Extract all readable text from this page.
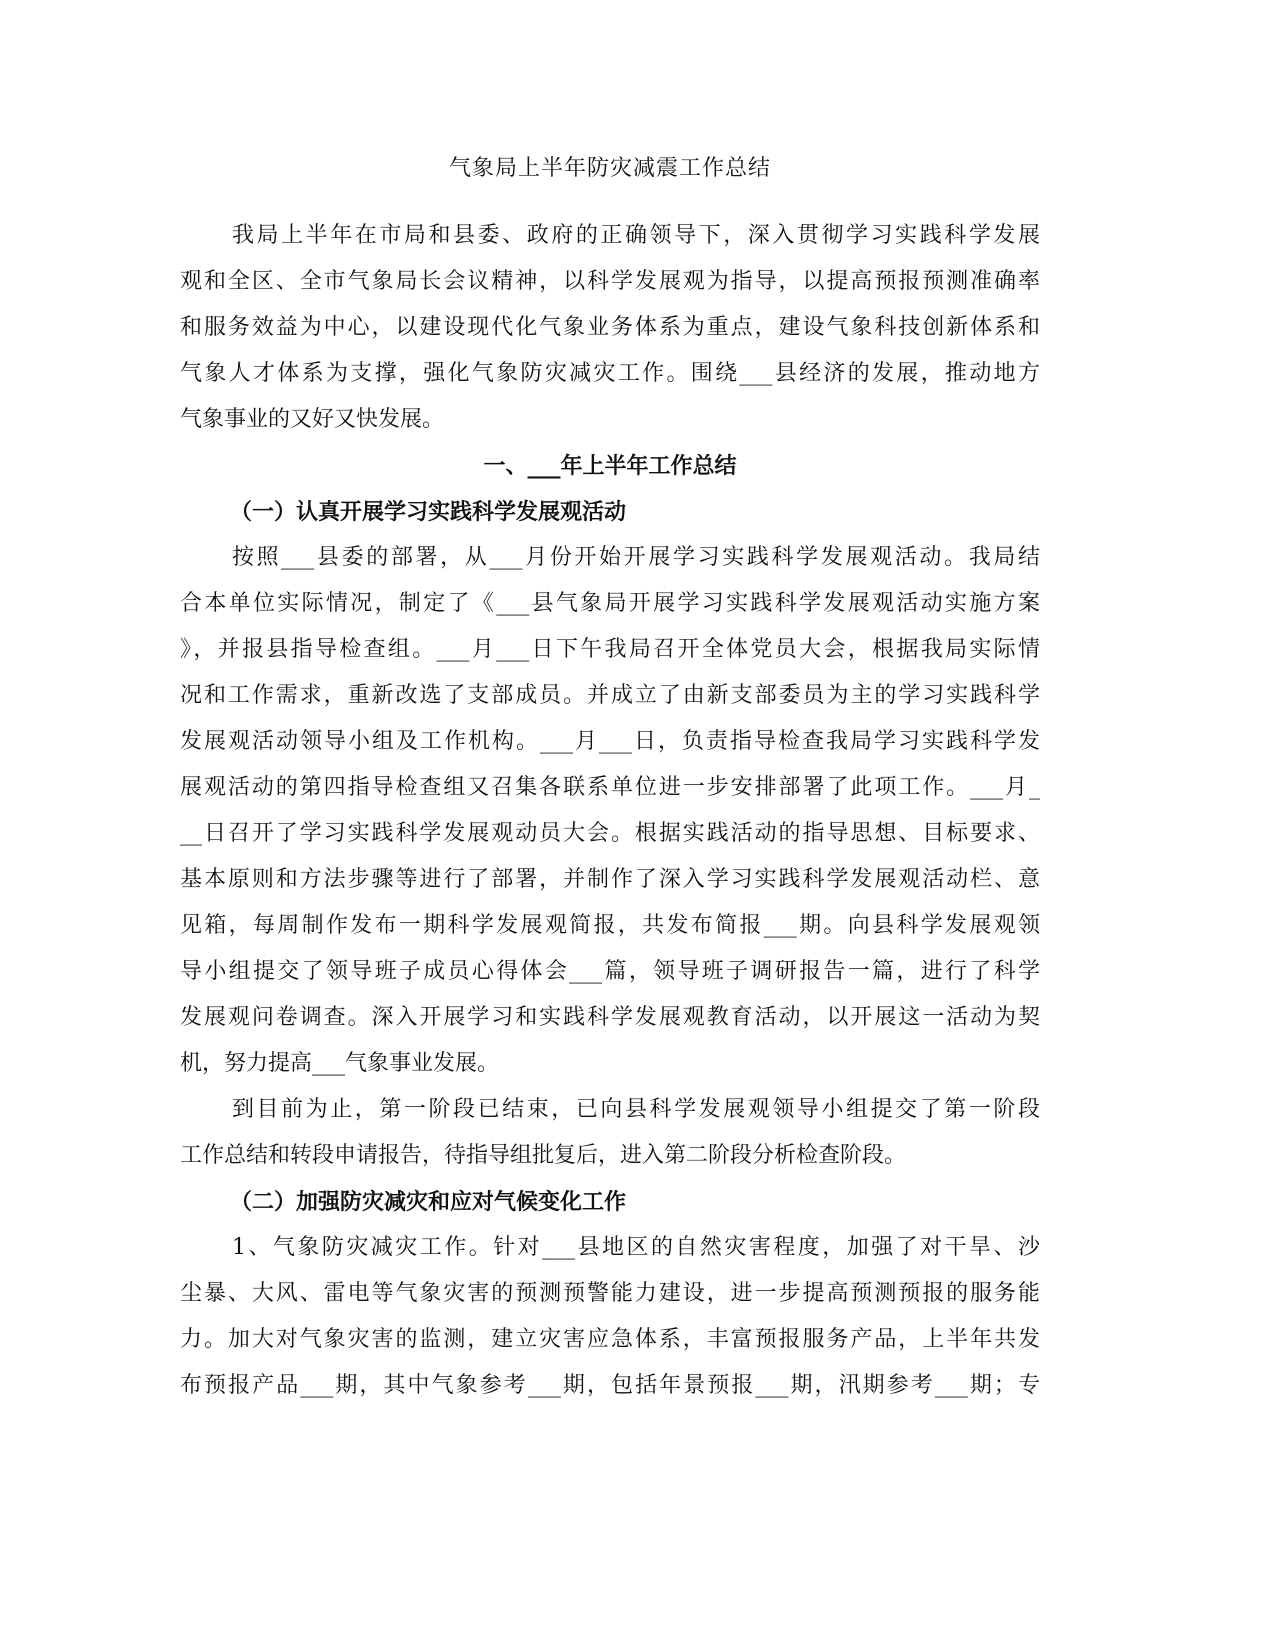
气象局上半年防灾减震工作总结
我局上半年在市局和县委、政府的正确领导下，深入贯彻学习实践科学发展
观和全区、全市气象局长会议精神，以科学发展观为指导，以提高预报预测准确率
和服务效益为中心，以建设现代化气象业务体系为重点，建设气象科技创新体系和
气象人才体系为支撑，强化气象防灾减灾工作。围绕___县经济的发展，推动地方
气象事业的又好又快发展。
一、___年上半年工作总结
（一）认真开展学习实践科学发展观活动
按照___县委的部署，从___月份开始开展学习实践科学发展观活动。我局结
合本单位实际情况，制定了《___县气象局开展学习实践科学发展观活动实施方案
》，并报县指导检查组。___月___日下午我局召开全体党员大会，根据我局实际情
况和工作需求，重新改选了支部成员。并成立了由新支部委员为主的学习实践科学
发展观活动领导小组及工作机构。___月___日，负责指导检查我局学习实践科学发
展观活动的第四指导检查组又召集各联系单位进一步安排部署了此项工作。___月_
__日召开了学习实践科学发展观动员大会。根据实践活动的指导思想、目标要求、
基本原则和方法步骤等进行了部署，并制作了深入学习实践科学发展观活动栏、意
见箱，每周制作发布一期科学发展观简报，共发布简报___期。向县科学发展观领
导小组提交了领导班子成员心得体会___篇，领导班子调研报告一篇，进行了科学
发展观问卷调查。深入开展学习和实践科学发展观教育活动，以开展这一活动为契
机，努力提高___气象事业发展。
到目前为止，第一阶段已结束，已向县科学发展观领导小组提交了第一阶段
工作总结和转段申请报告，待指导组批复后，进入第二阶段分析检查阶段。
（二）加强防灾减灾和应对气候变化工作
1、气象防灾减灾工作。针对___县地区的自然灾害程度，加强了对干旱、沙
尘暴、大风、雷电等气象灾害的预测预警能力建设，进一步提高预测预报的服务能
力。加大对气象灾害的监测，建立灾害应急体系，丰富预报服务产品，上半年共发
布预报产品___期，其中气象参考___期，包括年景预报___期，汛期参考___期；专
